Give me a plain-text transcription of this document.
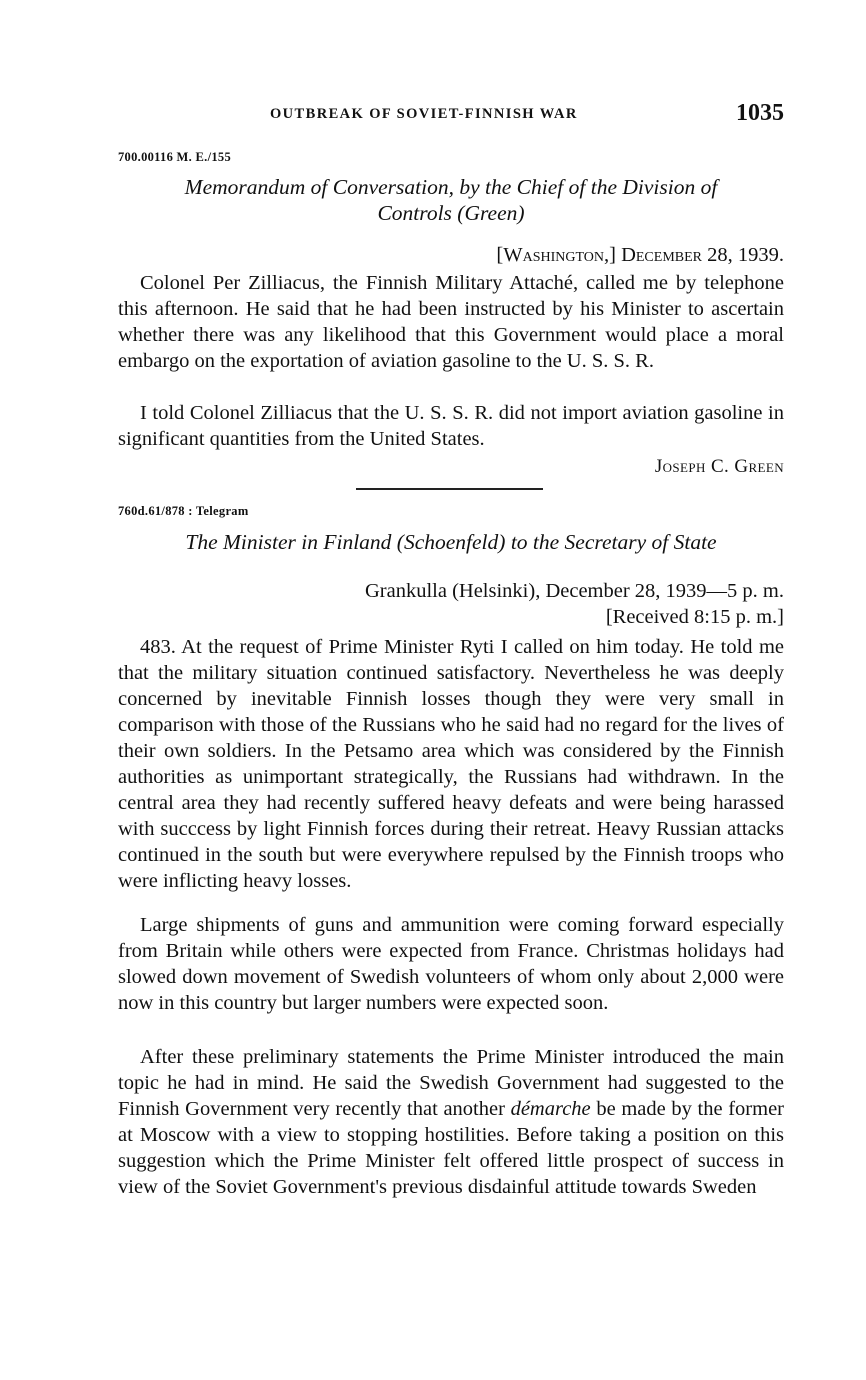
OUTBREAK OF SOVIET-FINNISH WAR	1035
700.00116 M. E./155
Memorandum of Conversation, by the Chief of the Division of
Controls (Green)
[Washington,] December 28, 1939.

Colonel Per Zilliacus, the Finnish Military Attaché, called me by telephone this afternoon. He said that he had been instructed by his Minister to ascertain whether there was any likelihood that this Government would place a moral embargo on the exportation of aviation gasoline to the U. S. S. R.

I told Colonel Zilliacus that the U. S. S. R. did not import aviation gasoline in significant quantities from the United States.

Joseph C. Green
760d.61/878 : Telegram
The Minister in Finland (Schoenfeld) to the Secretary of State
Grankulla (Helsinki), December 28, 1939—5 p. m.
[Received 8:15 p. m.]

483. At the request of Prime Minister Ryti I called on him today. He told me that the military situation continued satisfactory. Nevertheless he was deeply concerned by inevitable Finnish losses though they were very small in comparison with those of the Russians who he said had no regard for the lives of their own soldiers. In the Petsamo area which was considered by the Finnish authorities as unimportant strategically, the Russians had withdrawn. In the central area they had recently suffered heavy defeats and were being harassed with succcess by light Finnish forces during their retreat. Heavy Russian attacks continued in the south but were everywhere repulsed by the Finnish troops who were inflicting heavy losses.

Large shipments of guns and ammunition were coming forward especially from Britain while others were expected from France. Christmas holidays had slowed down movement of Swedish volunteers of whom only about 2,000 were now in this country but larger numbers were expected soon.

After these preliminary statements the Prime Minister introduced the main topic he had in mind. He said the Swedish Government had suggested to the Finnish Government very recently that another démarche be made by the former at Moscow with a view to stopping hostilities. Before taking a position on this suggestion which the Prime Minister felt offered little prospect of success in view of the Soviet Government's previous disdainful attitude towards Sweden
